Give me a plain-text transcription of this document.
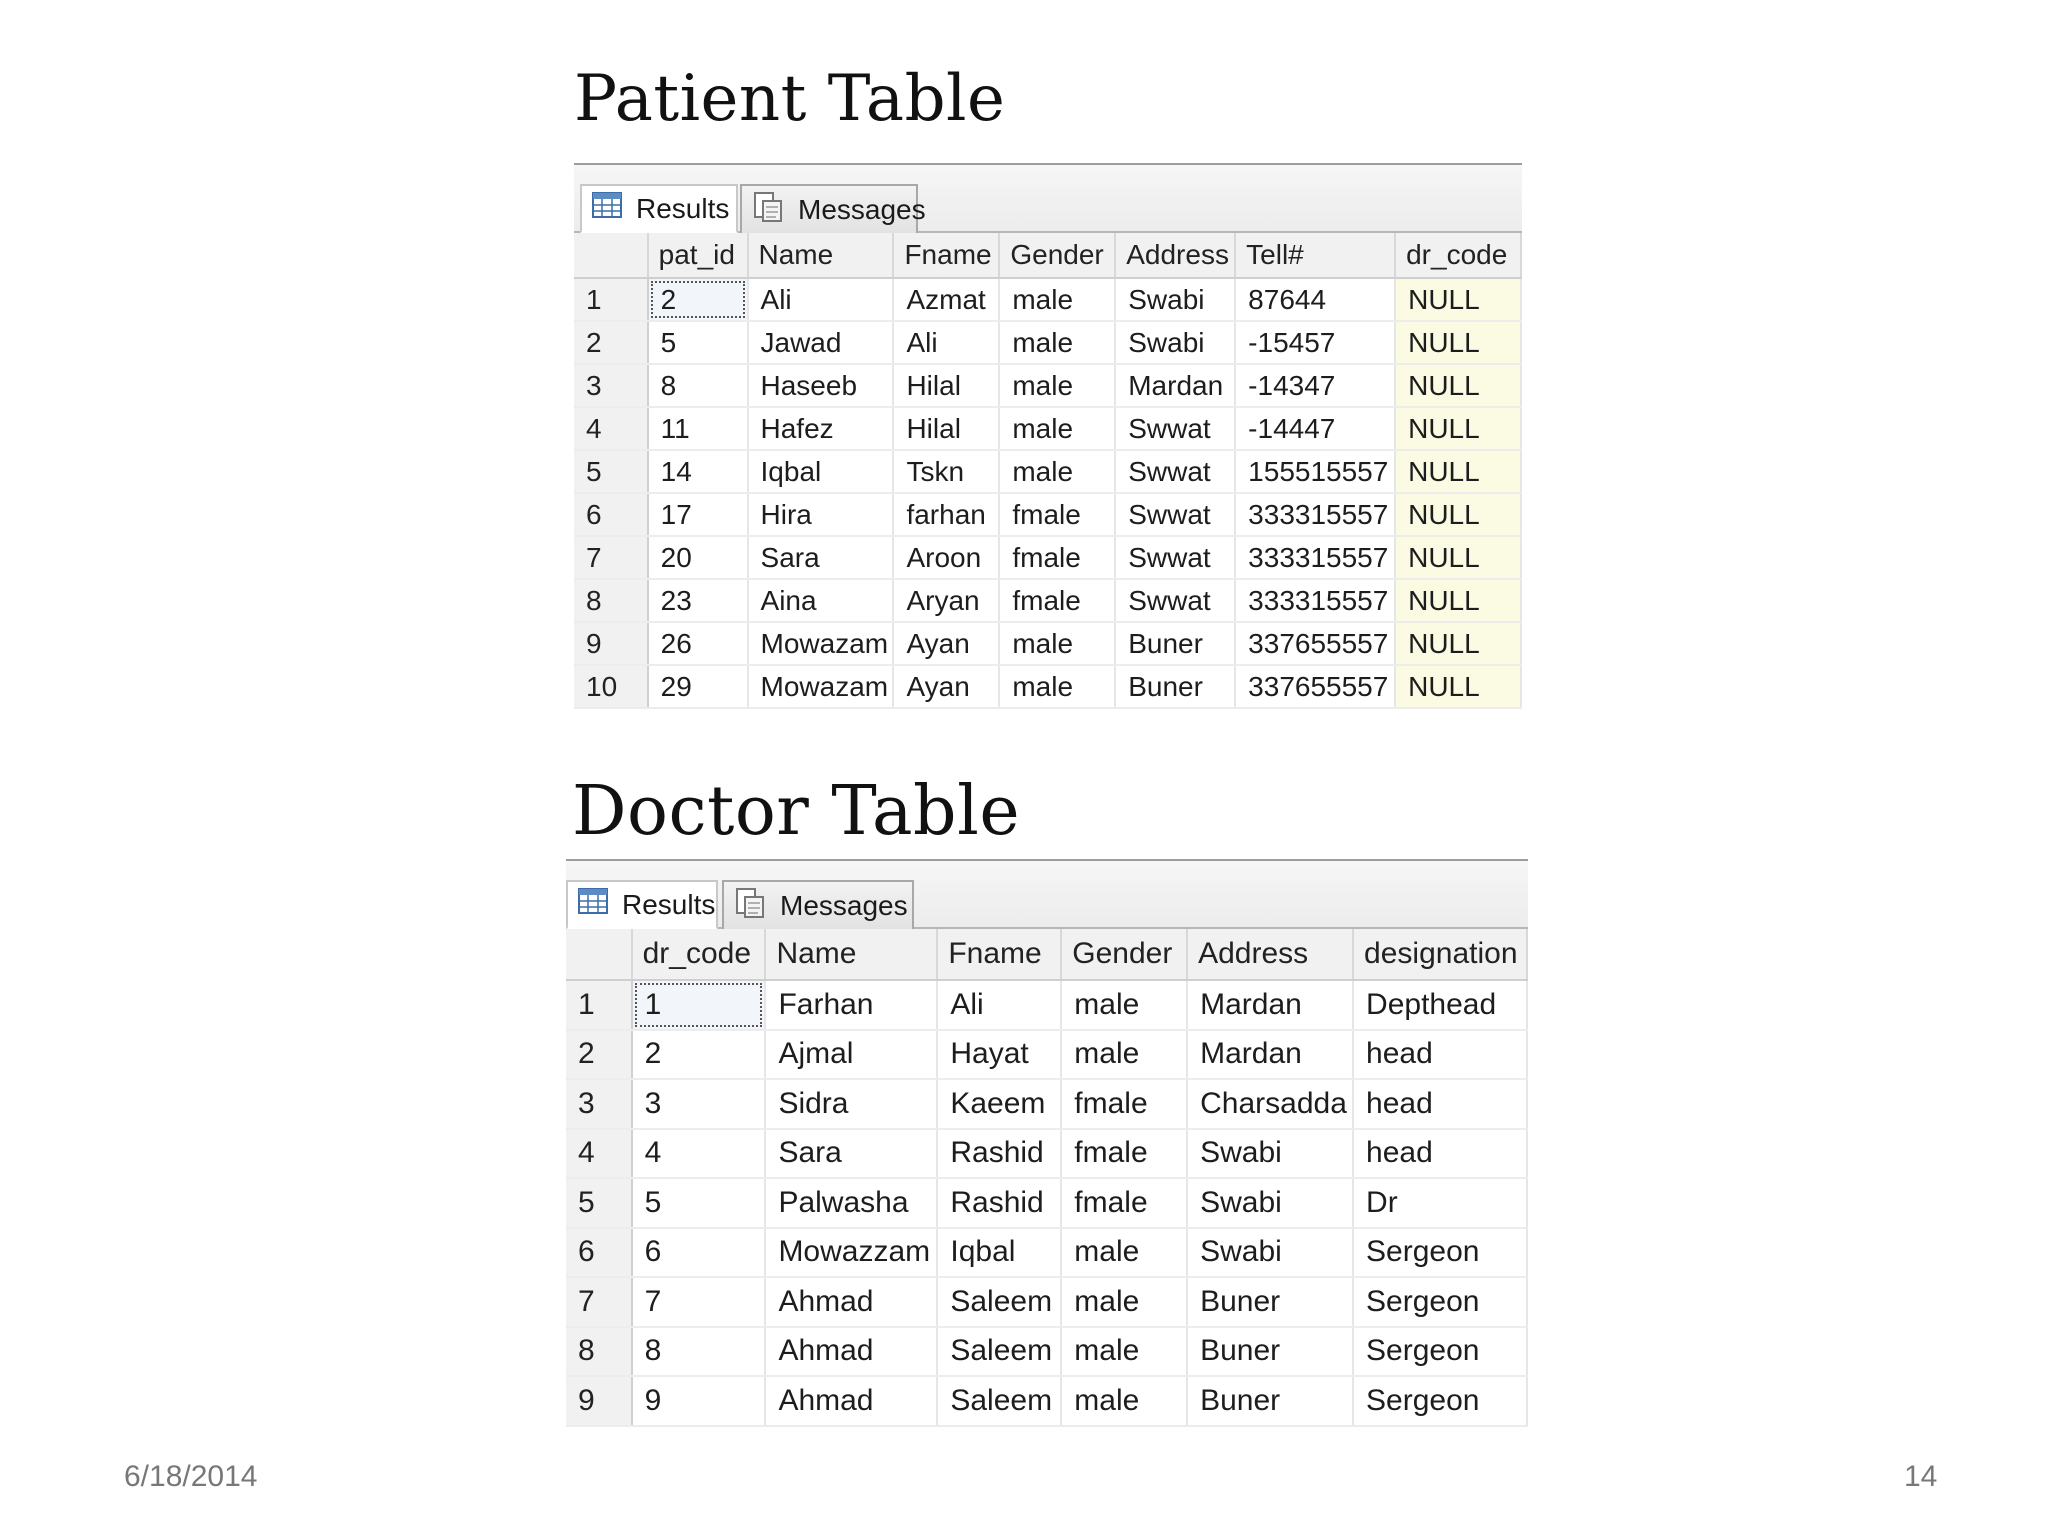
Patient Table
Results Messages
	pat_id	Name	Fname	Gender	Address	Tell#	dr_code
1	2	Ali	Azmat	male	Swabi	87644	NULL
2	5	Jawad	Ali	male	Swabi	-15457	NULL
3	8	Haseeb	Hilal	male	Mardan	-14347	NULL
4	11	Hafez	Hilal	male	Swwat	-14447	NULL
5	14	Iqbal	Tskn	male	Swwat	155515557	NULL
6	17	Hira	farhan	fmale	Swwat	333315557	NULL
7	20	Sara	Aroon	fmale	Swwat	333315557	NULL
8	23	Aina	Aryan	fmale	Swwat	333315557	NULL
9	26	Mowazam	Ayan	male	Buner	337655557	NULL
10	29	Mowazam	Ayan	male	Buner	337655557	NULL
Doctor Table
Results Messages
	dr_code	Name	Fname	Gender	Address	designation
1	1	Farhan	Ali	male	Mardan	Depthead
2	2	Ajmal	Hayat	male	Mardan	head
3	3	Sidra	Kaeem	fmale	Charsadda	head
4	4	Sara	Rashid	fmale	Swabi	head
5	5	Palwasha	Rashid	fmale	Swabi	Dr
6	6	Mowazzam	Iqbal	male	Swabi	Sergeon
7	7	Ahmad	Saleem	male	Buner	Sergeon
8	8	Ahmad	Saleem	male	Buner	Sergeon
9	9	Ahmad	Saleem	male	Buner	Sergeon
6/18/2014	14
